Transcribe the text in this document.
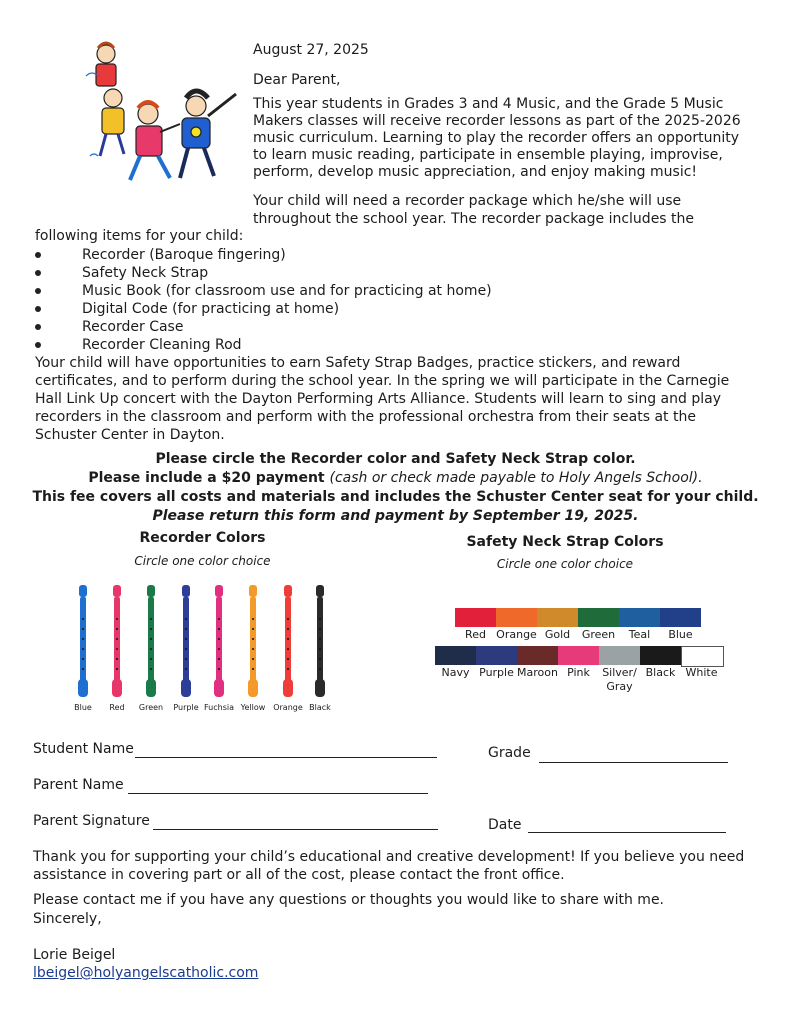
August 27, 2025
Dear Parent,
This year students in Grades 3 and 4 Music, and the Grade 5 Music Makers classes will receive recorder lessons as part of the 2025-2026 music curriculum. Learning to play the recorder offers an opportunity to learn music reading, participate in ensemble playing, improvise, perform, develop music appreciation, and enjoy making music!
Your child will need a recorder package which he/she will use throughout the school year. The recorder package includes the
following items for your child:
Recorder (Baroque fingering)
Safety Neck Strap
Music Book (for classroom use and for practicing at home)
Digital Code (for practicing at home)
Recorder Case
Recorder Cleaning Rod
Your child will have opportunities to earn Safety Strap Badges, practice stickers, and reward certificates, and to perform during the school year. In the spring we will participate in the Carnegie Hall Link Up concert with the Dayton Performing Arts Alliance. Students will learn to sing and play recorders in the classroom and perform with the professional orchestra from their seats at the Schuster Center in Dayton.
Please circle the Recorder color and Safety Neck Strap color.
Please include a $20 payment (cash or check made payable to Holy Angels School).
This fee covers all costs and materials and includes the Schuster Center seat for your child.
Please return this form and payment by September 19, 2025.
Recorder Colors
Circle one color choice
Blue	Red	Green	Purple Fuchsia Yellow Orange Black
Safety Neck Strap Colors
Circle one color choice
Red Orange Gold	Green	Teal	Blue
Navy Purple Maroon Pink	Silver/ Gray
Black White
Student Name	Grade
Parent Name
Parent Signature	Date
Thank you for supporting your child’s educational and creative development! If you believe you need assistance in covering part or all of the cost, please contact the front office.
Please contact me if you have any questions or thoughts you would like to share with me.
Sincerely,
Lorie Beigel
lbeigel@holyangelscatholic.com
